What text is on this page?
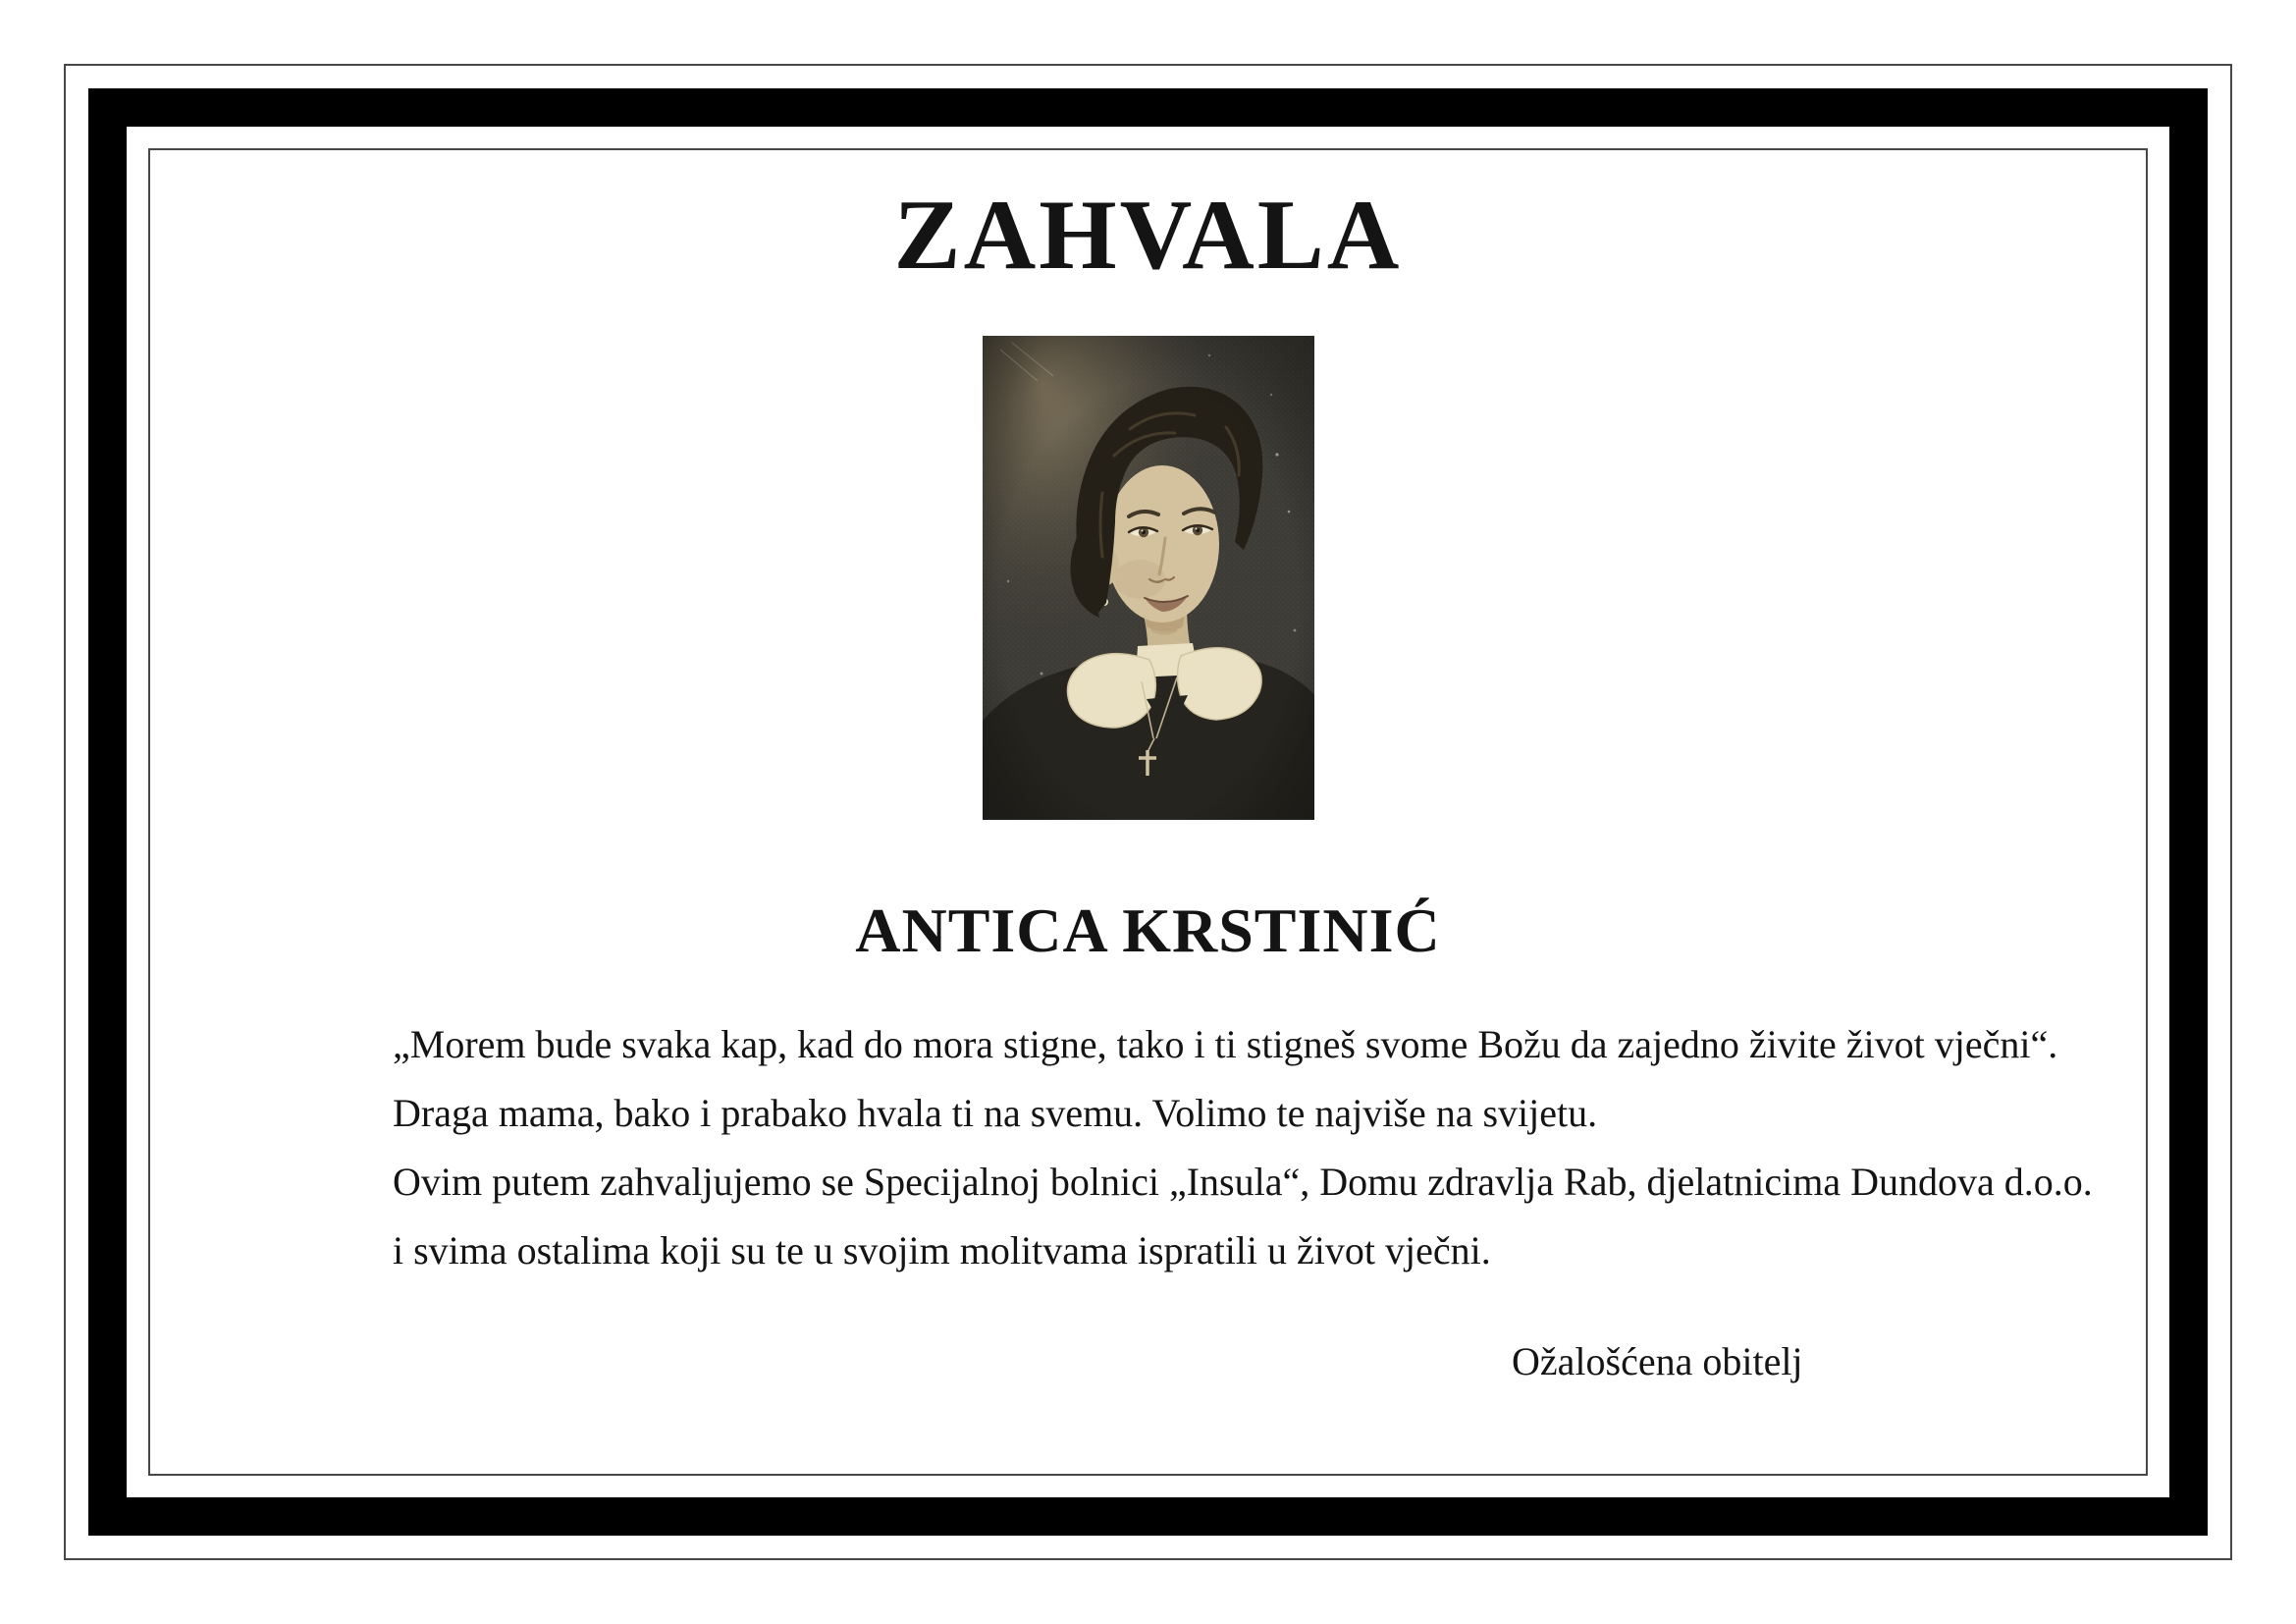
ZAHVALA
ANTICA KRSTINIĆ
„Morem bude svaka kap, kad do mora stigne, tako i ti stigneš svome Božu da zajedno živite život vječni“.
Draga mama, bako i prabako hvala ti na svemu. Volimo te najviše na svijetu.
Ovim putem zahvaljujemo se Specijalnoj bolnici „Insula“, Domu zdravlja Rab, djelatnicima Dundova d.o.o.
i svima ostalima koji su te u svojim molitvama ispratili u život vječni.
Ožalošćena obitelj
